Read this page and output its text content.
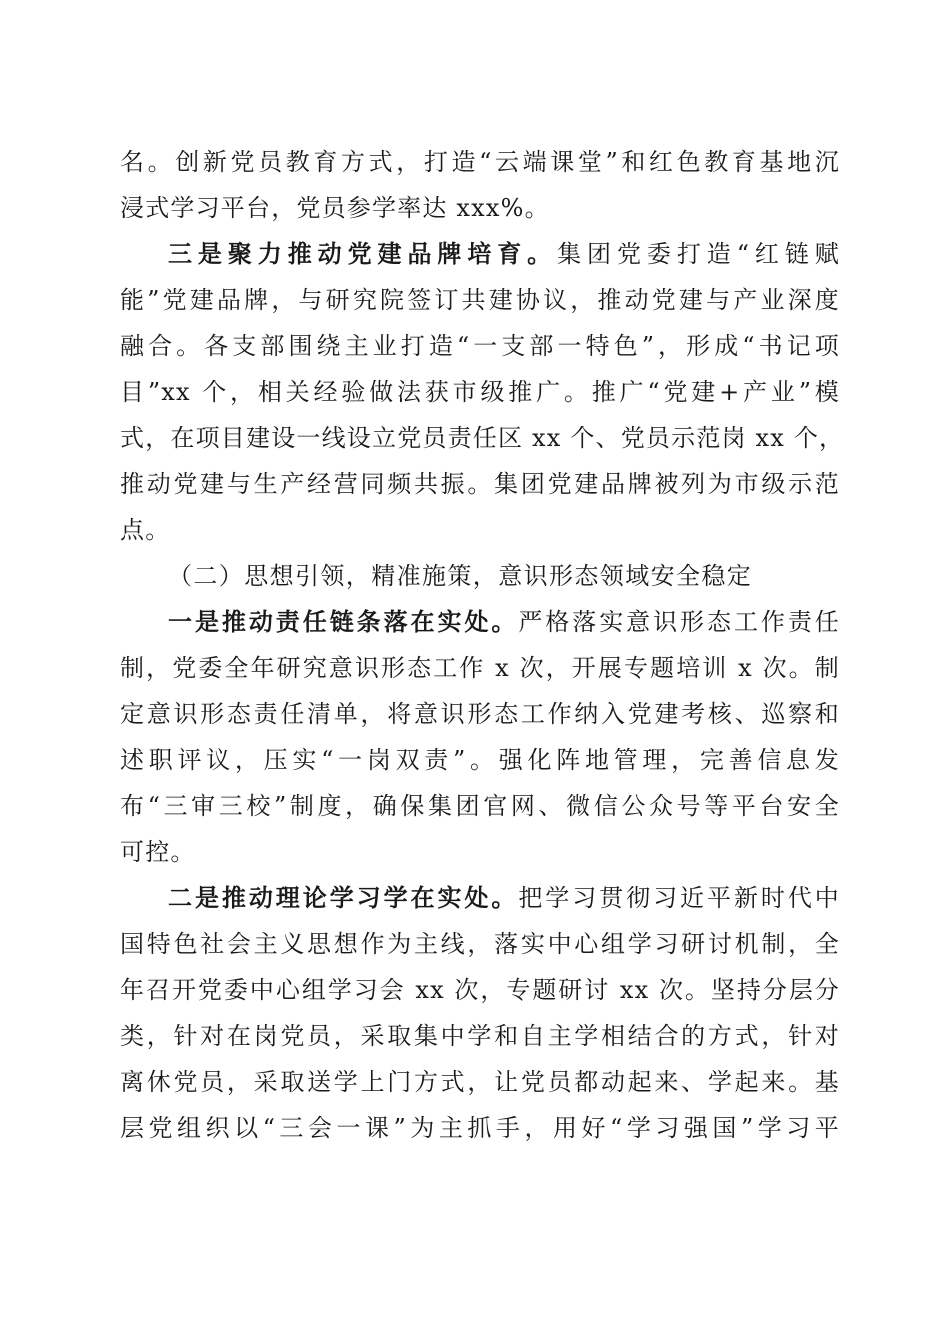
名。创新党员教育方式，打造“云端课堂”和红色教育基地沉
浸式学习平台，党员参学率达 xxx%。
三是聚力推动党建品牌培育。集团党委打造“红链赋
能”党建品牌，与研究院签订共建协议，推动党建与产业深度
融合。各支部围绕主业打造“一支部一特色”，形成“书记项
目”xx 个，相关经验做法获市级推广。推广“党建+产业”模
式，在项目建设一线设立党员责任区 xx 个、党员示范岗 xx 个，
推动党建与生产经营同频共振。集团党建品牌被列为市级示范
点。
（二）思想引领，精准施策，意识形态领域安全稳定
一是推动责任链条落在实处。严格落实意识形态工作责任
制，党委全年研究意识形态工作 x 次，开展专题培训 x 次。制
定意识形态责任清单，将意识形态工作纳入党建考核、巡察和
述职评议，压实“一岗双责”。强化阵地管理，完善信息发
布“三审三校”制度，确保集团官网、微信公众号等平台安全
可控。
二是推动理论学习学在实处。把学习贯彻习近平新时代中
国特色社会主义思想作为主线，落实中心组学习研讨机制，全
年召开党委中心组学习会 xx 次，专题研讨 xx 次。坚持分层分
类，针对在岗党员，采取集中学和自主学相结合的方式，针对
离休党员，采取送学上门方式，让党员都动起来、学起来。基
层党组织以“三会一课”为主抓手，用好“学习强国”学习平
